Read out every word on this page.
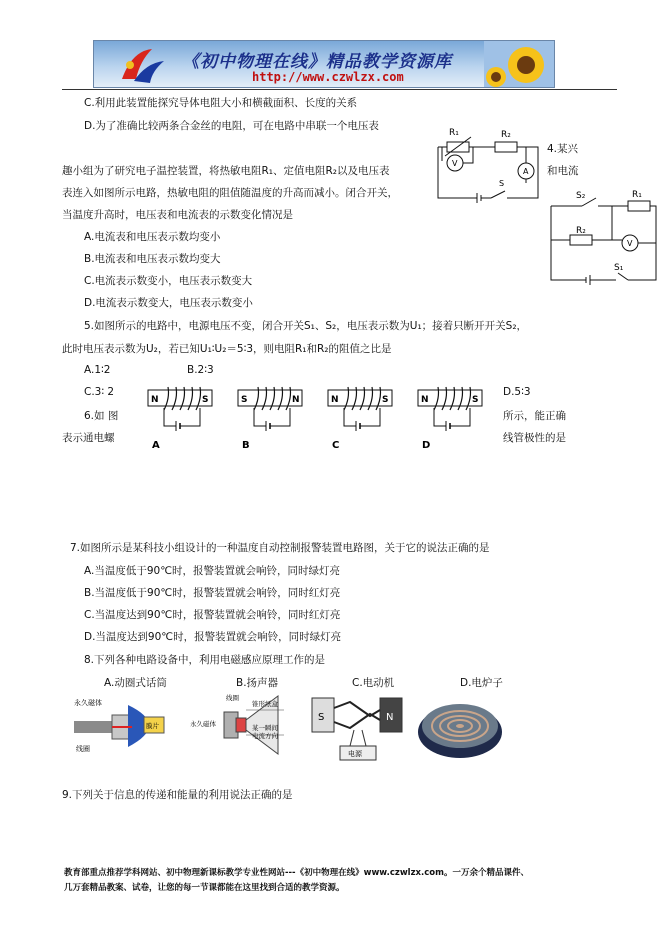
《初中物理在线》精品教学资源库
http://www.czwlzx.com
C.利用此装置能探究导体电阻大小和横截面积、长度的关系
D.为了准确比较两条合金丝的电阻，可在电路中串联一个电压表
4.某兴
和电流
趣小组为了研究电子温控装置，将热敏电阻R₁、定值电阻R₂以及电压表
表连入如图所示电路，热敏电阻的阻值随温度的升高而减小。闭合开关，
当温度升高时，电压表和电流表的示数变化情况是
A.电流表和电压表示数均变小
B.电流表和电压表示数均变大
C.电流表示数变小，电压表示数变大
D.电流表示数变大，电压表示数变小
R₁	R₂
V
A
S
S₂	R₁
R₂
V
S₁
5.如图所示的电路中，电源电压不变，闭合开关S₁、S₂，电压表示数为U₁；接着只断开开关S₂，
此时电压表示数为U₂，若已知U₁∶U₂＝5∶3，则电阻R₁和R₂的阻值之比是
A.1∶2	B.2∶3
C.3∶ 2	D.5∶3
6.如 图	所示，能正确
表示通电螺	线管极性的是
N	S
A
S	N
B
N	S
C
N	S
D
7.如图所示是某科技小组设计的一种温度自动控制报警装置电路图，关于它的说法正确的是
A.当温度低于90℃时，报警装置就会响铃，同时绿灯亮
B.当温度低于90℃时，报警装置就会响铃，同时红灯亮
C.当温度达到90℃时，报警装置就会响铃，同时红灯亮
D.当温度达到90℃时，报警装置就会响铃，同时绿灯亮
8.下列各种电路设备中，利用电磁感应原理工作的是
A.动圈式话筒	B.扬声器	C.电动机	D.电炉子
永久磁体
线圈
膜片
线圈
锥形纸盒
某一瞬间
电流方向
永久磁体
S	N
电源
9.下列关于信息的传递和能量的利用说法正确的是
教育部重点推荐学科网站、初中物理新课标教学专业性网站---《初中物理在线》www.czwlzx.com。一万余个精品课件、
几万套精品教案、试卷，让您的每一节课都能在这里找到合适的教学资源。
